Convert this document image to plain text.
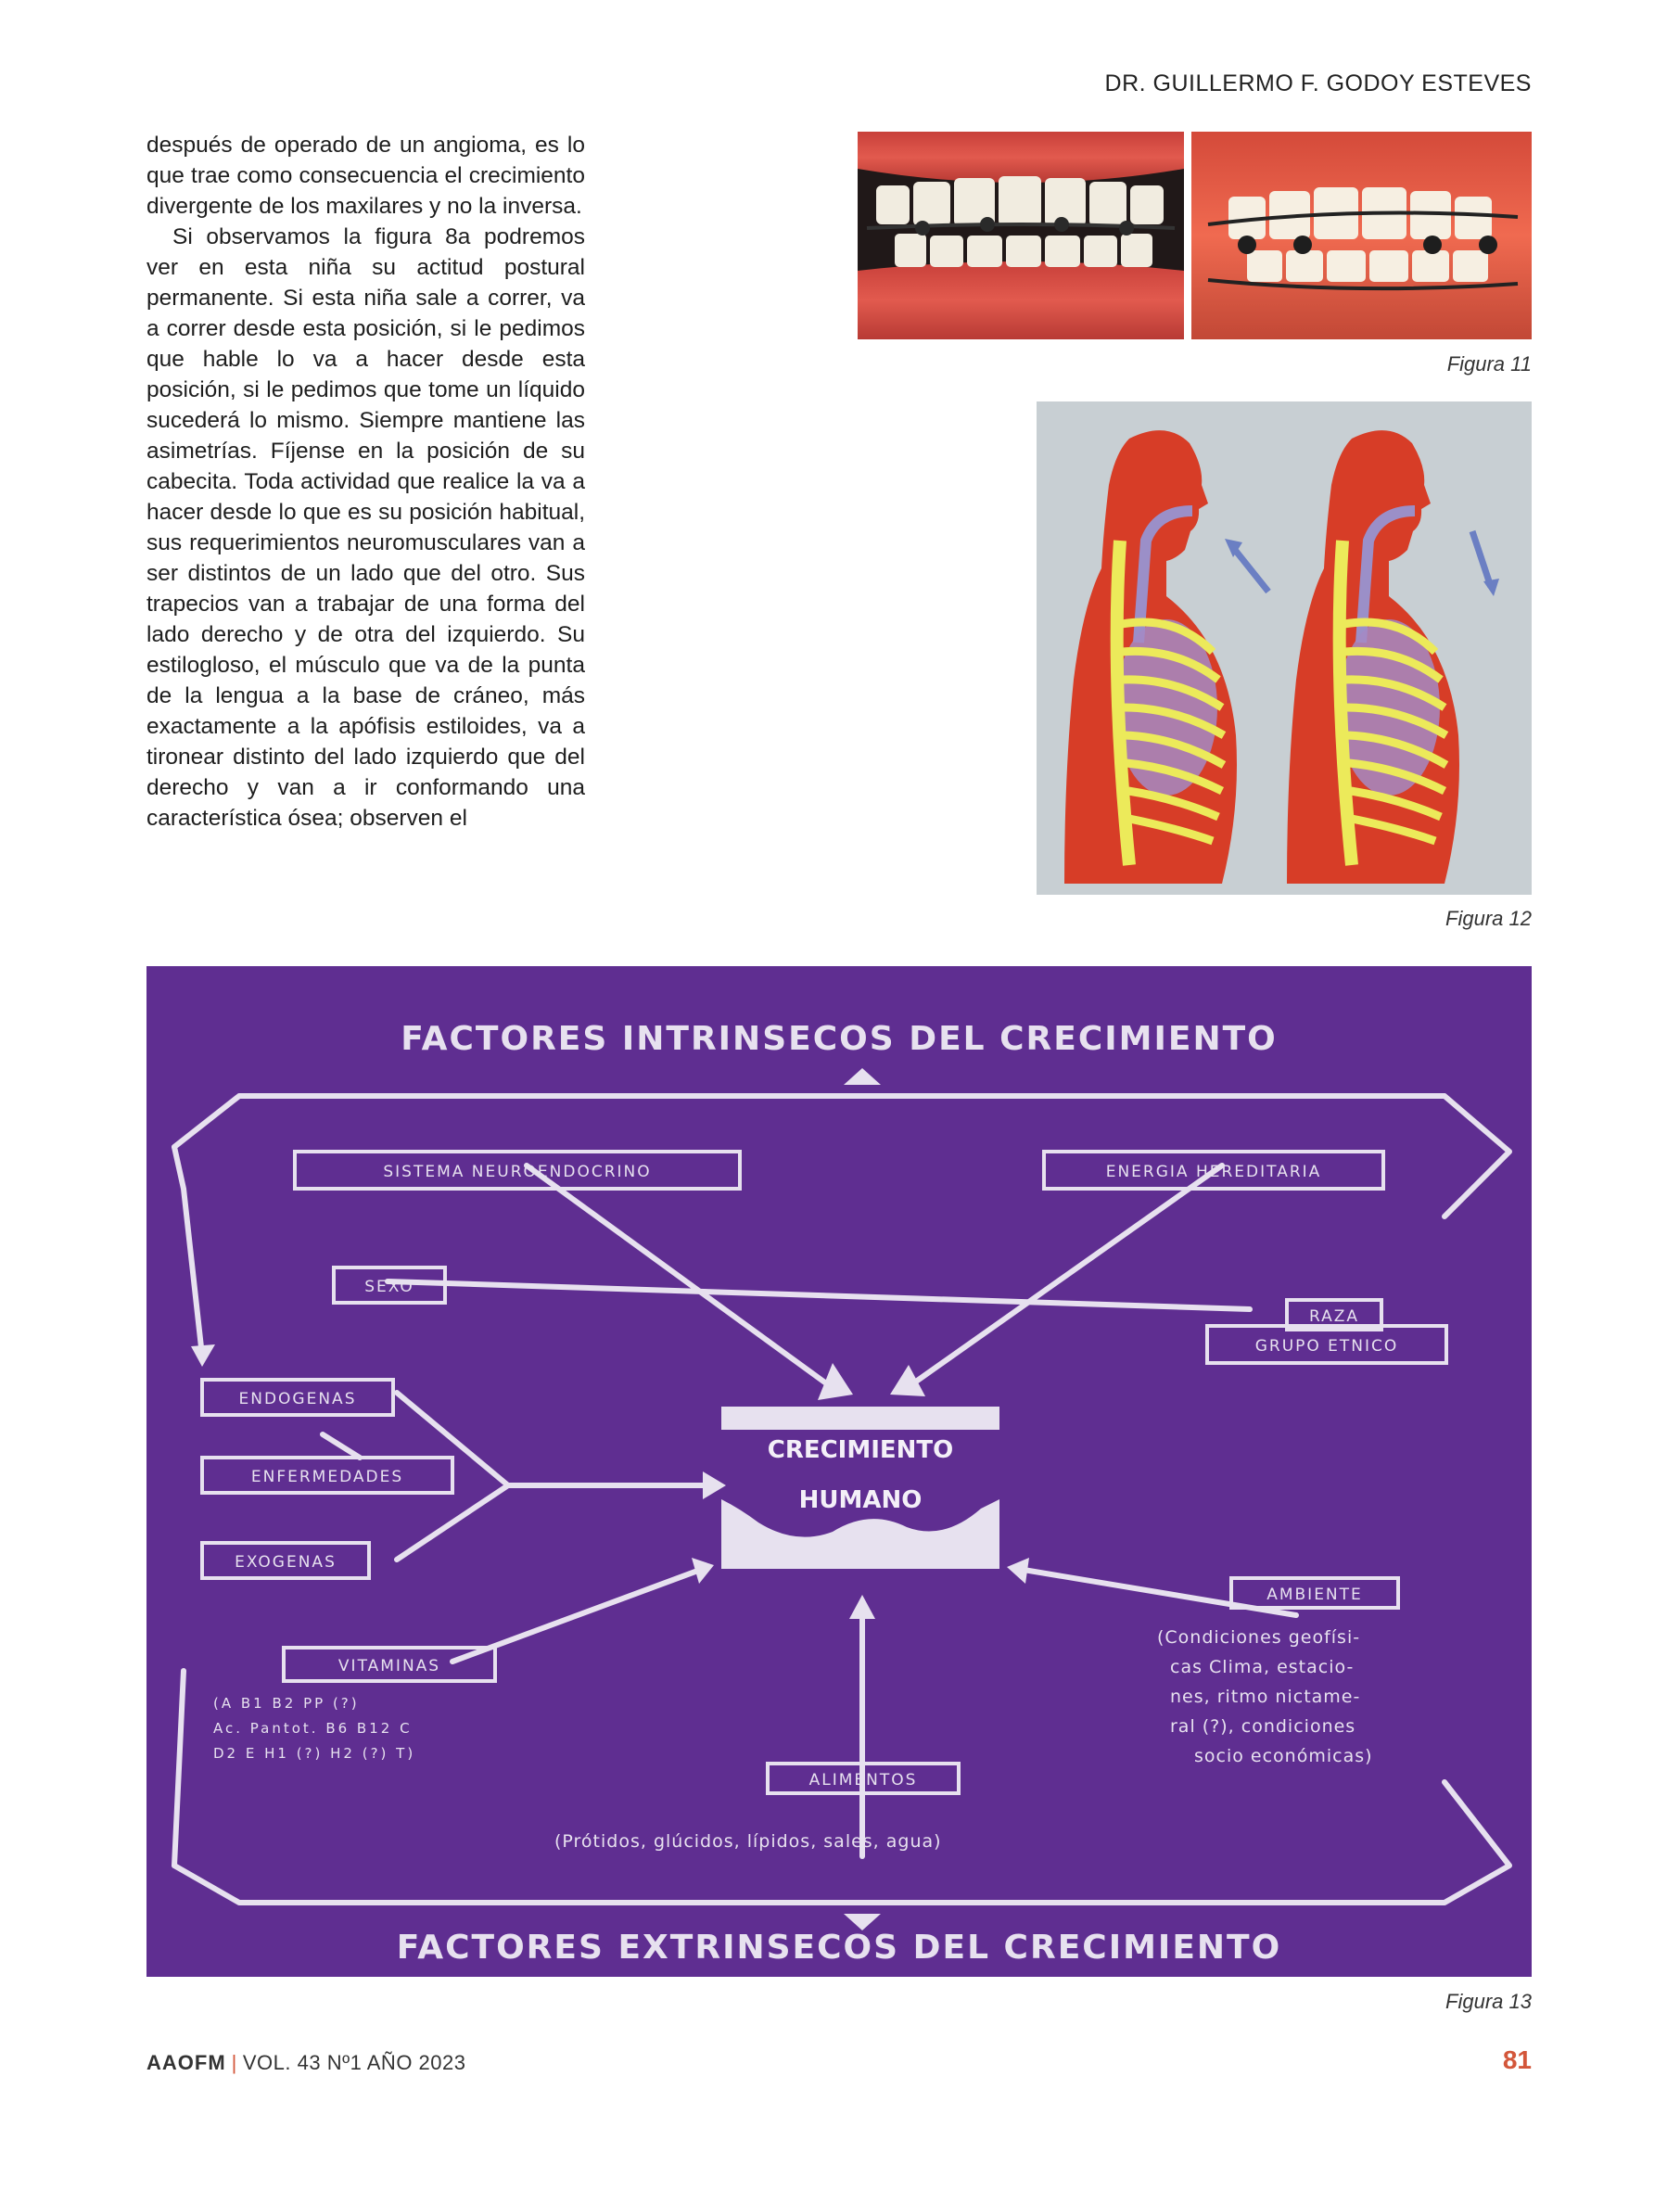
DR. GUILLERMO F. GODOY ESTEVES

después de operado de un angioma, es lo que trae como consecuencia el crecimiento divergente de los maxilares y no la inversa.

Si observamos la figura 8a podremos ver en esta niña su actitud postural permanente. Si esta niña sale a correr, va a correr desde esta posición, si le pedimos que hable lo va a hacer desde esta posición, si le pedimos que tome un líquido sucederá lo mismo. Siempre mantiene las asimetrías. Fíjense en la posición de su cabecita. Toda actividad que realice la va a hacer desde lo que es su posición habitual, sus requerimientos neuromusculares van a ser distintos de un lado que del otro. Sus trapecios van a trabajar de una forma del lado derecho y de otra del izquierdo. Su estilogloso, el músculo que va de la punta de la lengua a la base de cráneo, más exactamente a la apófisis estiloides, va a tironear distinto del lado izquierdo que del derecho y van a ir conformando una característica ósea; observen el

Figura 11
Figura 12
FACTORES INTRINSECOS DEL CRECIMIENTO
FACTORES EXTRINSECOS DEL CRECIMIENTO
SISTEMA NEUROENDOCRINO	ENERGIA HEREDITARIA
SEXO
RAZA
GRUPO ETNICO
ENDOGENAS
ENFERMEDADES
EXOGENAS
VITAMINAS
ALIMENTOS
AMBIENTE
CRECIMIENTO
HUMANO
(A B1 B2 PP (?)
Ac. Pantot. B6 B12 C
D2 E H1 (?) H2 (?) T)
(Condiciones geofísi-
cas Clima, estacio-
nes, ritmo nictame-
ral (?), condiciones
socio económicas)
(Prótidos, glúcidos, lípidos, sales, agua)
Figura 13
AAOFM | VOL. 43 Nº1 AÑO 2023	81
